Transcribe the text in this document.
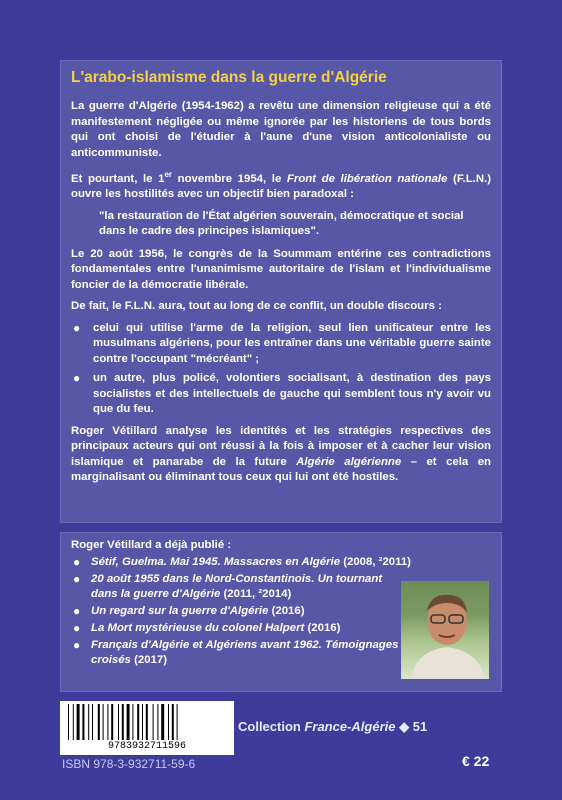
L'arabo-islamisme dans la guerre d'Algérie

La guerre d'Algérie (1954-1962) a revêtu une dimension religieuse qui a été manifestement négligée ou même ignorée par les historiens de tous bords qui ont choisi de l'étudier à l'aune d'une vision anticolonialiste ou anticommuniste.

Et pourtant, le 1er novembre 1954, le Front de libération nationale (F.L.N.) ouvre les hostilités avec un objectif bien paradoxal :

"la restauration de l'État algérien souverain, démocratique et social dans le cadre des principes islamiques".

Le 20 août 1956, le congrès de la Soummam entérine ces contradictions fondamentales entre l'unanimisme autoritaire de l'islam et l'individualisme foncier de la démocratie libérale.

De fait, le F.L.N. aura, tout au long de ce conflit, un double discours :

● celui qui utilise l'arme de la religion, seul lien unificateur entre les musulmans algériens, pour les entraîner dans une véritable guerre sainte contre l'occupant "mécréant" ;
● un autre, plus policé, volontiers socialisant, à destination des pays socialistes et des intellectuels de gauche qui semblent tous n'y avoir vu que du feu.

Roger Vétillard analyse les identités et les stratégies respectives des principaux acteurs qui ont réussi à la fois à imposer et à cacher leur vision islamique et panarabe de la future Algérie algérienne – et cela en marginalisant ou éliminant tous ceux qui lui ont été hostiles.

Roger Vétillard a déjà publié :
● Sétif, Guelma. Mai 1945. Massacres en Algérie (2008, ²2011)
● 20 août 1955 dans le Nord-Constantinois. Un tournant dans la guerre d'Algérie (2011, ²2014)
● Un regard sur la guerre d'Algérie (2016)
● La Mort mystérieuse du colonel Halpert (2016)
● Français d'Algérie et Algériens avant 1962. Témoignages croisés (2017)
9783932711596
ISBN 978-3-932711-59-6
Collection France-Algérie ◆ 51
€ 22
